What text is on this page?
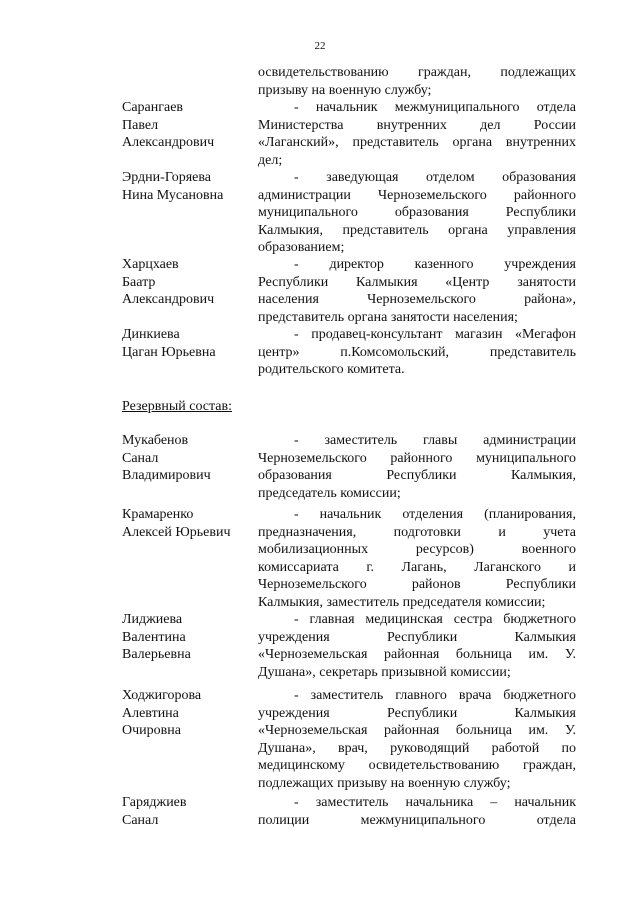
22
освидетельствованию граждан, подлежащих
призыву на военную службу;
Сарангаев
Павел
Александрович
- начальник межмуниципального отдела
Министерства внутренних дел России
«Лаганский», представитель органа внутренних
дел;
Эрдни-Горяева
Нина Мусановна
- заведующая отделом образования
администрации Черноземельского районного
муниципального образования Республики
Калмыкия, представитель органа управления
образованием;
Харцхаев
Баатр
Александрович
- директор казенного учреждения
Республики Калмыкия «Центр занятости
населения Черноземельского района»,
представитель органа занятости населения;
Динкиева
Цаган Юрьевна
- продавец-консультант магазин «Мегафон
центр» п.Комсомольский, представитель
родительского комитета.
Резервный состав:
Мукабенов
Санал
Владимирович
- заместитель главы администрации
Черноземельского районного муниципального
образования Республики Калмыкия,
председатель комиссии;
Крамаренко
Алексей Юрьевич
- начальник отделения (планирования,
предназначения, подготовки и учета
мобилизационных ресурсов) военного
комиссариата г. Лагань, Лаганского и
Черноземельского районов Республики
Калмыкия, заместитель председателя комиссии;
Лиджиева
Валентина
Валерьевна
- главная медицинская сестра бюджетного
учреждения Республики Калмыкия
«Черноземельская районная больница им. У.
Душана», секретарь призывной комиссии;
Ходжигорова
Алевтина
Очировна
- заместитель главного врача бюджетного
учреждения Республики Калмыкия
«Черноземельская районная больница им. У.
Душана», врач, руководящий работой по
медицинскому освидетельствованию граждан,
подлежащих призыву на военную службу;
Гаряджиев
Санал
- заместитель начальника – начальник
полиции межмуниципального отдела
